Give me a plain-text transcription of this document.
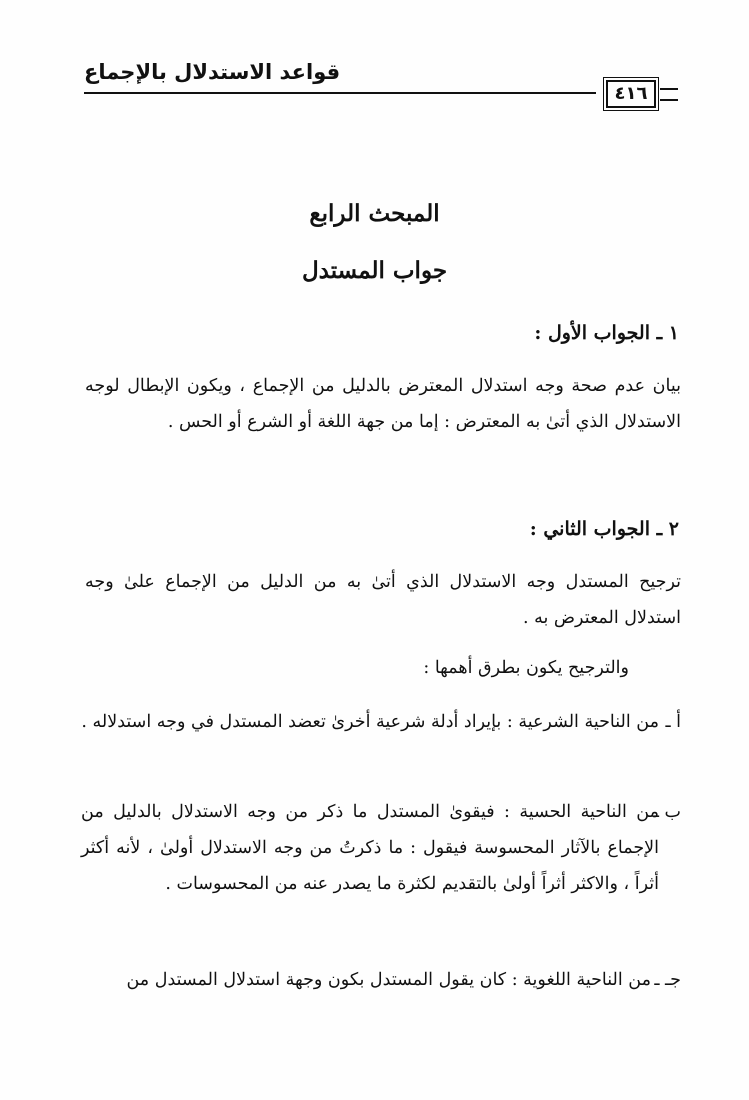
قواعد الاستدلال بالإجماع
٤١٦
المبحث الرابع
جواب المستدل
١ ـ الجواب الأول :

بيان عدم صحة وجه استدلال المعترض بالدليل من الإجماع ، ويكون الإبطال لوجه الاستدلال الذي أتىٰ به المعترض : إما من جهة اللغة أو الشرع أو الحس .

٢ ـ الجواب الثاني :

ترجيح المستدل وجه الاستدلال الذي أتىٰ به من الدليل من الإجماع علىٰ وجه استدلال المعترض به .

والترجيح يكون بطرق أهمها :

أ ـ

من الناحية الشرعية : بإيراد أدلة شرعية أخرىٰ تعضد المستدل في وجه استدلاله .

ب ـ

من الناحية الحسية : فيقوىٰ المستدل ما ذكر من وجه الاستدلال بالدليل من الإجماع بالآثار المحسوسة فيقول : ما ذكرتُ من وجه الاستدلال أولىٰ ، لأنه أكثر أثراً ، والاكثر أثراً أولىٰ بالتقديم لكثرة ما يصدر عنه من المحسوسات .

جـ ـ

من الناحية اللغوية : كان يقول المستدل بكون وجهة استدلال المستدل من
